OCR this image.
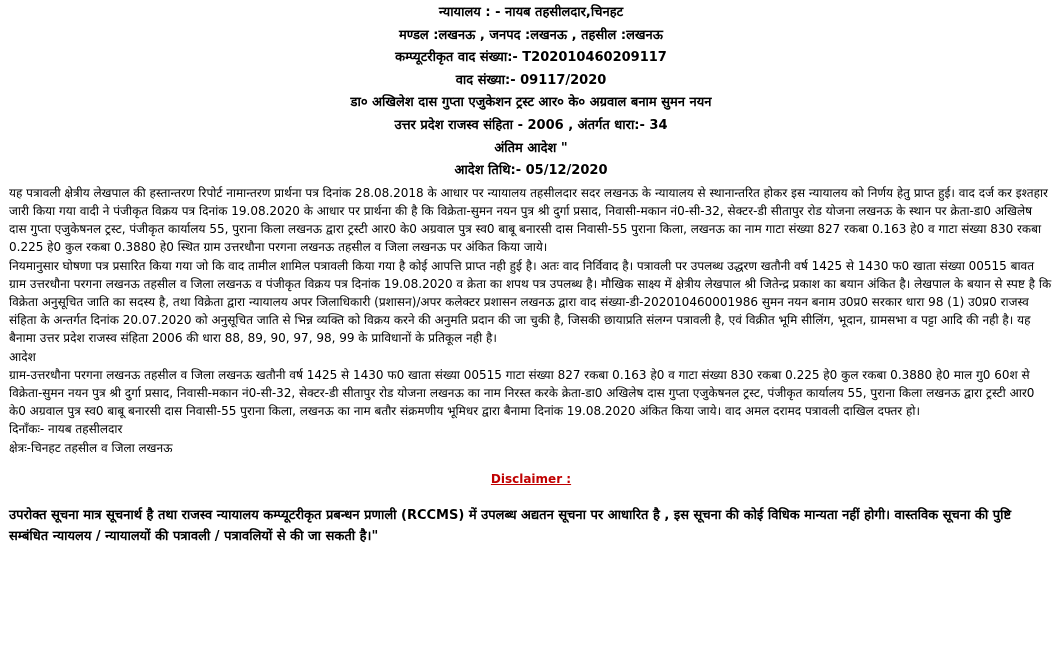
न्यायालय : - नायब तहसीलदार,चिनहट
मण्डल :लखनऊ , जनपद :लखनऊ , तहसील :लखनऊ
कम्प्यूटरीकृत वाद संख्या:- T202010460209117
वाद संख्या:- 09117/2020
डा० अखिलेश दास गुप्ता एजुकेशन ट्रस्ट आर० के० अग्रवाल बनाम सुमन नयन
उत्तर प्रदेश राजस्व संहिता - 2006 , अंतर्गत धारा:- 34
अंतिम आदेश "
आदेश तिथि:- 05/12/2020

यह पत्रावली क्षेत्रीय लेखपाल की हस्तान्तरण रिपोर्ट नामान्तरण प्रार्थना पत्र दिनांक 28.08.2018 के आधार पर न्यायालय तहसीलदार सदर लखनऊ के न्यायालय से स्थानान्तरित होकर इस न्यायालय को निर्णय हेतु प्राप्त हुई। वाद दर्ज कर इश्तहार जारी किया गया वादी ने पंजीकृत विक्रय पत्र दिनांक 19.08.2020 के आधार पर प्रार्थना की है कि विक्रेता-सुमन नयन पुत्र श्री दुर्गा प्रसाद, निवासी-मकान नं0-सी-32, सेक्टर-डी सीतापुर रोड योजना लखनऊ के स्थान पर क्रेता-डा0 अखिलेष दास गुप्ता एजुकेषनल ट्रस्ट, पंजीकृत कार्यालय 55, पुराना किला लखनऊ द्वारा ट्रस्टी आर0 के0 अग्रवाल पुत्र स्व0 बाबू बनारसी दास निवासी-55 पुराना किला, लखनऊ का नाम गाटा संख्या 827 रकबा 0.163 हे0 व गाटा संख्या 830 रकबा 0.225 हे0 कुल रकबा 0.3880 हे0 स्थित ग्राम उत्तरधौना परगना लखनऊ तहसील व जिला लखनऊ पर अंकित किया जाये।

नियमानुसार घोषणा पत्र प्रसारित किया गया जो कि वाद तामील शामिल पत्रावली किया गया है कोई आपत्ति प्राप्त नही हुई है। अतः वाद निर्विवाद है। पत्रावली पर उपलब्ध उद्धरण खतौनी वर्ष 1425 से 1430 फ0 खाता संख्या 00515 बावत ग्राम उत्तरधौना परगना लखनऊ तहसील व जिला लखनऊ व पंजीकृत विक्रय पत्र दिनांक 19.08.2020 व क्रेता का शपथ पत्र उपलब्ध है। मौखिक साक्ष्य में क्षेत्रीय लेखपाल श्री जितेन्द्र प्रकाश का बयान अंकित है। लेखपाल के बयान से स्पष्ट है कि विक्रेता अनुसूचित जाति का सदस्य है, तथा विक्रेता द्वारा न्यायालय अपर जिलाधिकारी (प्रशासन)/अपर कलेक्टर प्रशासन लखनऊ द्वारा वाद संख्या-डी-202010460001986 सुमन नयन बनाम उ0प्र0 सरकार धारा 98 (1) उ0प्र0 राजस्व संहिता के अन्तर्गत दिनांक 20.07.2020 को अनुसूचित जाति से भिन्न व्यक्ति को विक्रय करने की अनुमति प्रदान की जा चुकी है, जिसकी छायाप्रति संलग्न पत्रावली है, एवं विक्रीत भूमि सीलिंग, भूदान, ग्रामसभा व पट्टा आदि की नही है। यह बैनामा उत्तर प्रदेश राजस्व संहिता 2006 की धारा 88, 89, 90, 97, 98, 99 के प्राविधानों के प्रतिकूल नही है।

आदेश

ग्राम-उत्तरधौना परगना लखनऊ तहसील व जिला लखनऊ खतौनी वर्ष 1425 से 1430 फ0 खाता संख्या 00515 गाटा संख्या 827 रकबा 0.163 हे0 व गाटा संख्या 830 रकबा 0.225 हे0 कुल रकबा 0.3880 हे0 माल गु0 60श से विक्रेता-सुमन नयन पुत्र श्री दुर्गा प्रसाद, निवासी-मकान नं0-सी-32, सेक्टर-डी सीतापुर रोड योजना लखनऊ का नाम निरस्त करके क्रेता-डा0 अखिलेष दास गुप्ता एजुकेषनल ट्रस्ट, पंजीकृत कार्यालय 55, पुराना किला लखनऊ द्वारा ट्रस्टी आर0 के0 अग्रवाल पुत्र स्व0 बाबू बनारसी दास निवासी-55 पुराना किला, लखनऊ का नाम बतौर संक्रमणीय भूमिधर द्वारा बैनामा दिनांक 19.08.2020 अंकित किया जाये। वाद अमल दरामद पत्रावली दाखिल दफ्तर हो।

दिनॉंकः- नायब तहसीलदार

क्षेत्रः-चिनहट तहसील व जिला लखनऊ

Disclaimer :
उपरोक्त सूचना मात्र सूचनार्थ है तथा राजस्व न्यायालय कम्प्यूटरीकृत प्रबन्धन प्रणाली (RCCMS) में उपलब्ध अद्यतन सूचना पर आधारित है , इस सूचना की कोई विधिक मान्यता नहीं होगी। वास्तविक सूचना की पुष्टि सम्बंधित न्यायलय / न्यायालयों की पत्रावली / पत्रावलियों से की जा सकती है।"
